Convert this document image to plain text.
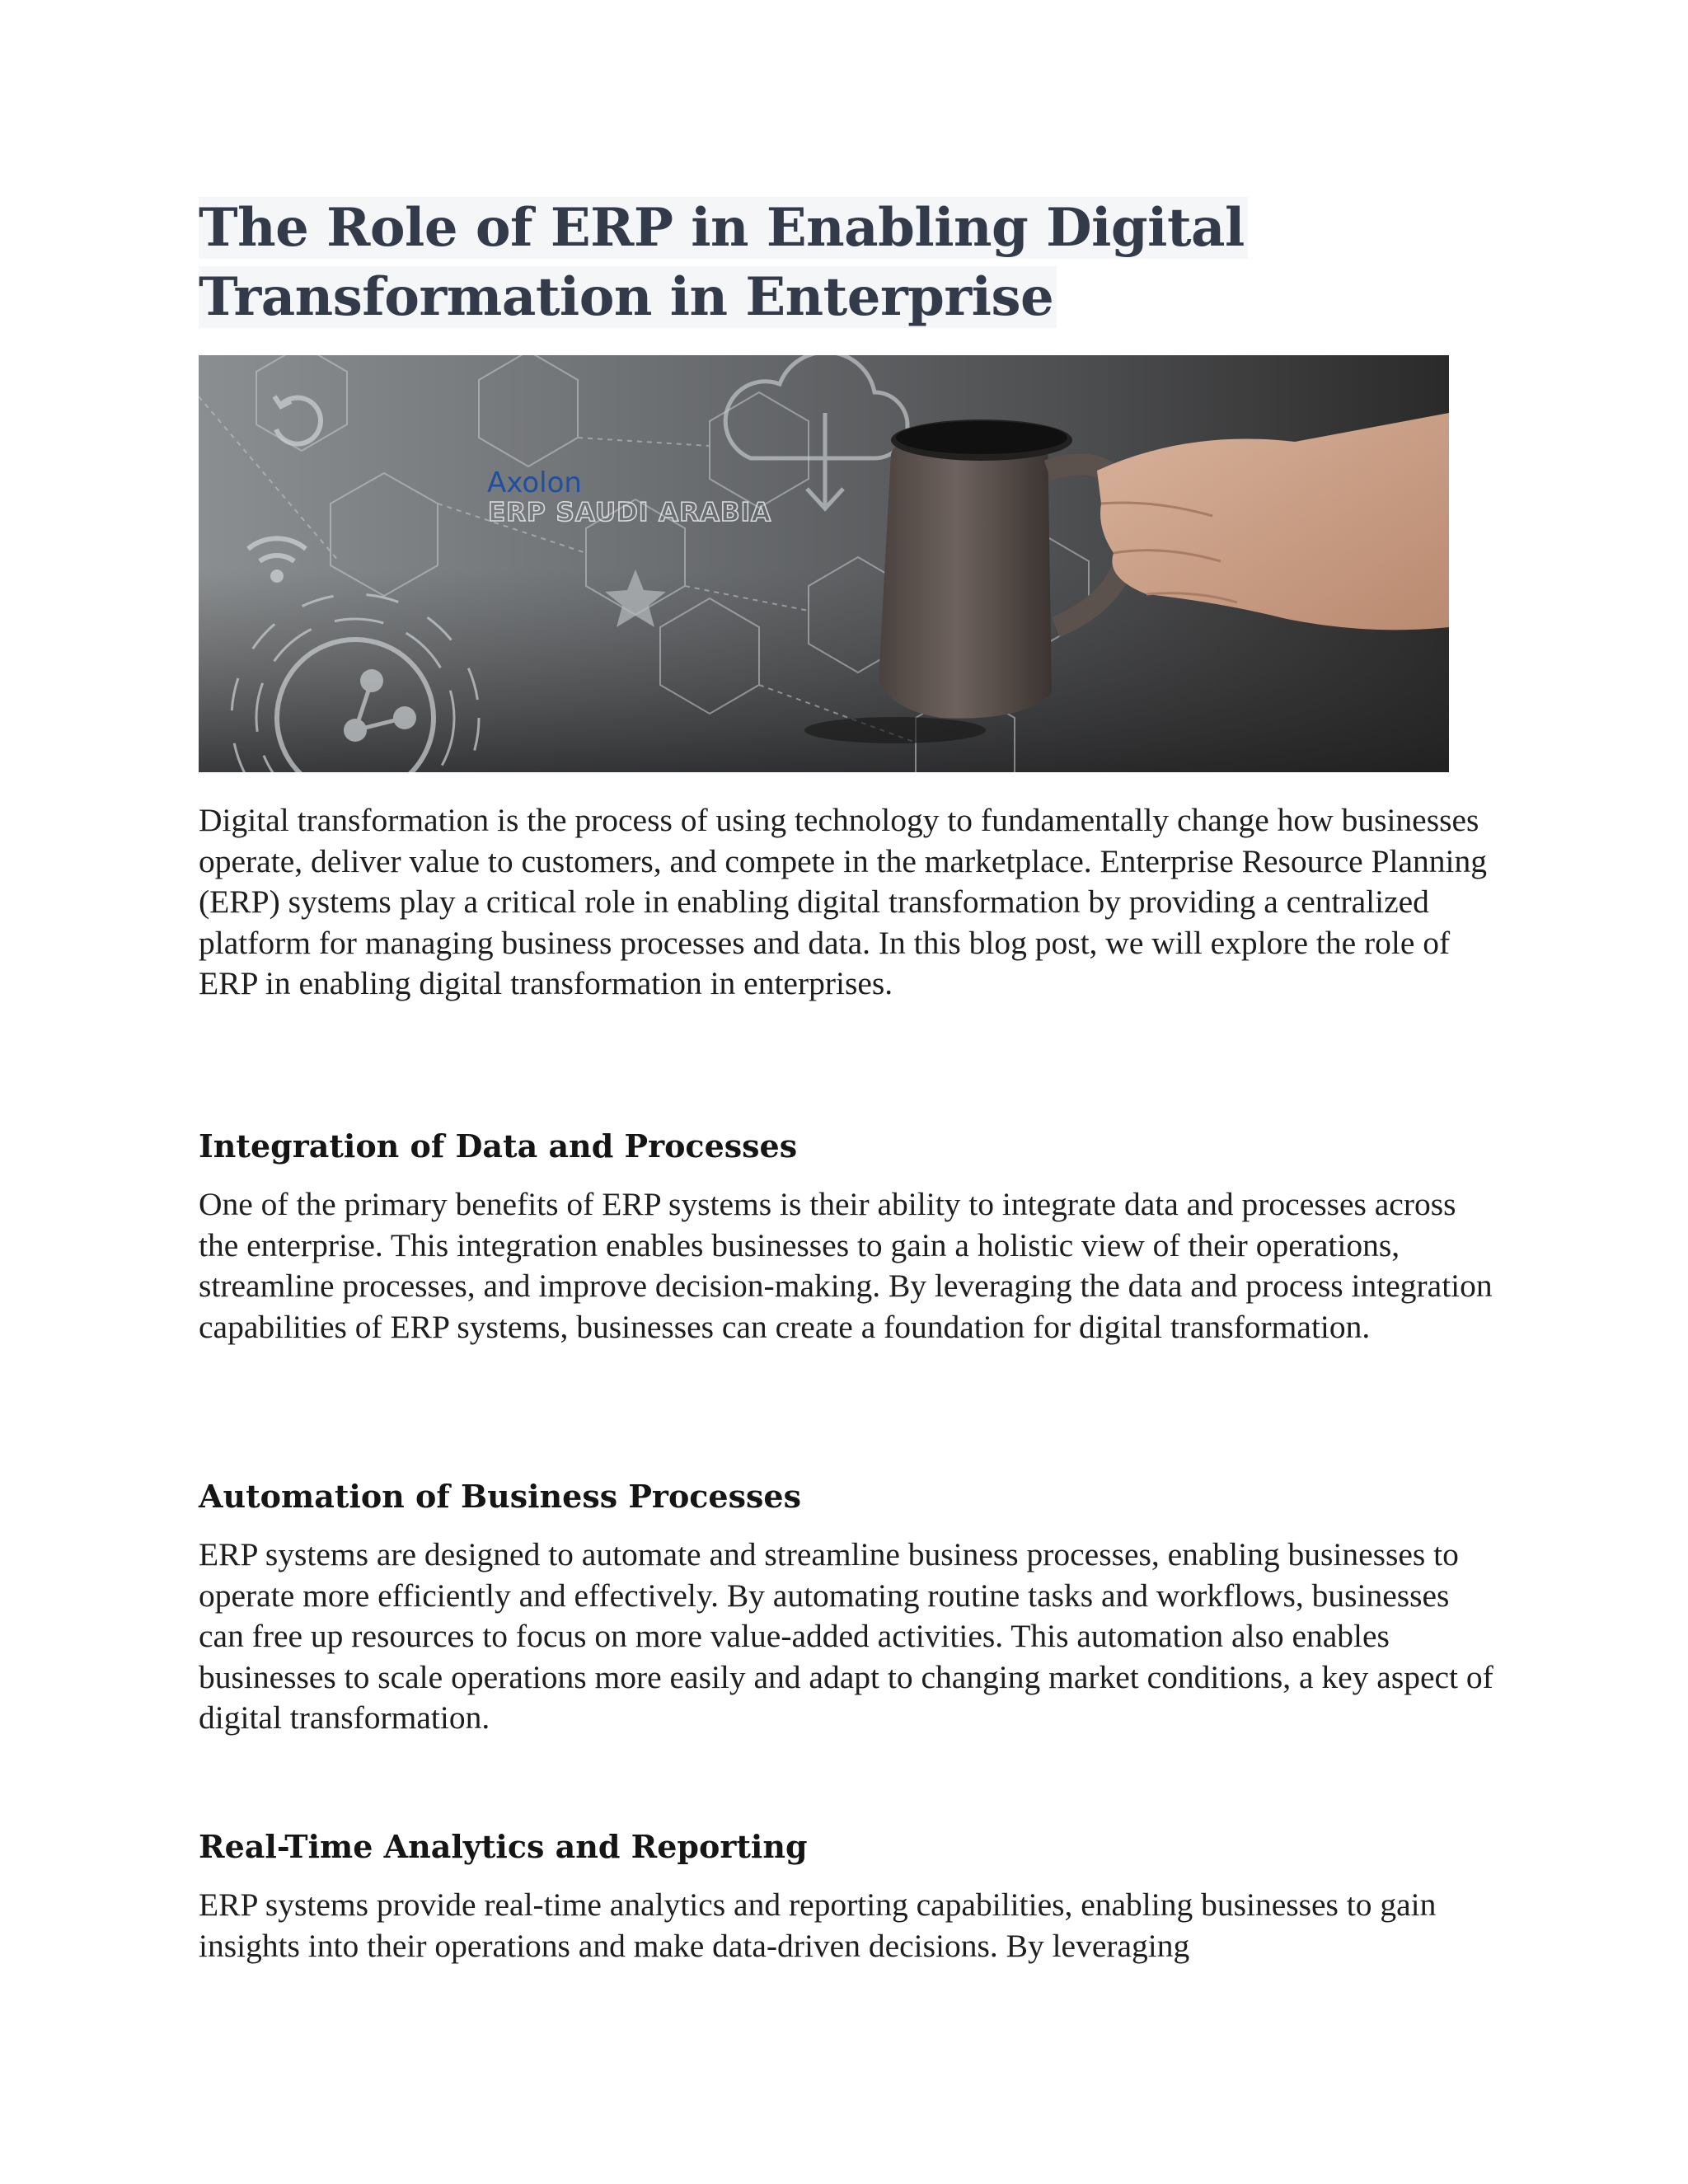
The Role of ERP in Enabling Digital
Transformation in Enterprise
Axolon
ERP SAUDI ARABIA

Digital transformation is the process of using technology to fundamentally change how businesses operate, deliver value to customers, and compete in the marketplace. Enterprise Resource Planning (ERP) systems play a critical role in enabling digital transformation by providing a centralized platform for managing business processes and data. In this blog post, we will explore the role of ERP in enabling digital transformation in enterprises.

Integration of Data and Processes

One of the primary benefits of ERP systems is their ability to integrate data and processes across the enterprise. This integration enables businesses to gain a holistic view of their operations, streamline processes, and improve decision-making. By leveraging the data and process integration capabilities of ERP systems, businesses can create a foundation for digital transformation.

Automation of Business Processes

ERP systems are designed to automate and streamline business processes, enabling businesses to operate more efficiently and effectively. By automating routine tasks and workflows, businesses can free up resources to focus on more value-added activities. This automation also enables businesses to scale operations more easily and adapt to changing market conditions, a key aspect of digital transformation.

Real-Time Analytics and Reporting

ERP systems provide real-time analytics and reporting capabilities, enabling businesses to gain insights into their operations and make data-driven decisions. By leveraging
